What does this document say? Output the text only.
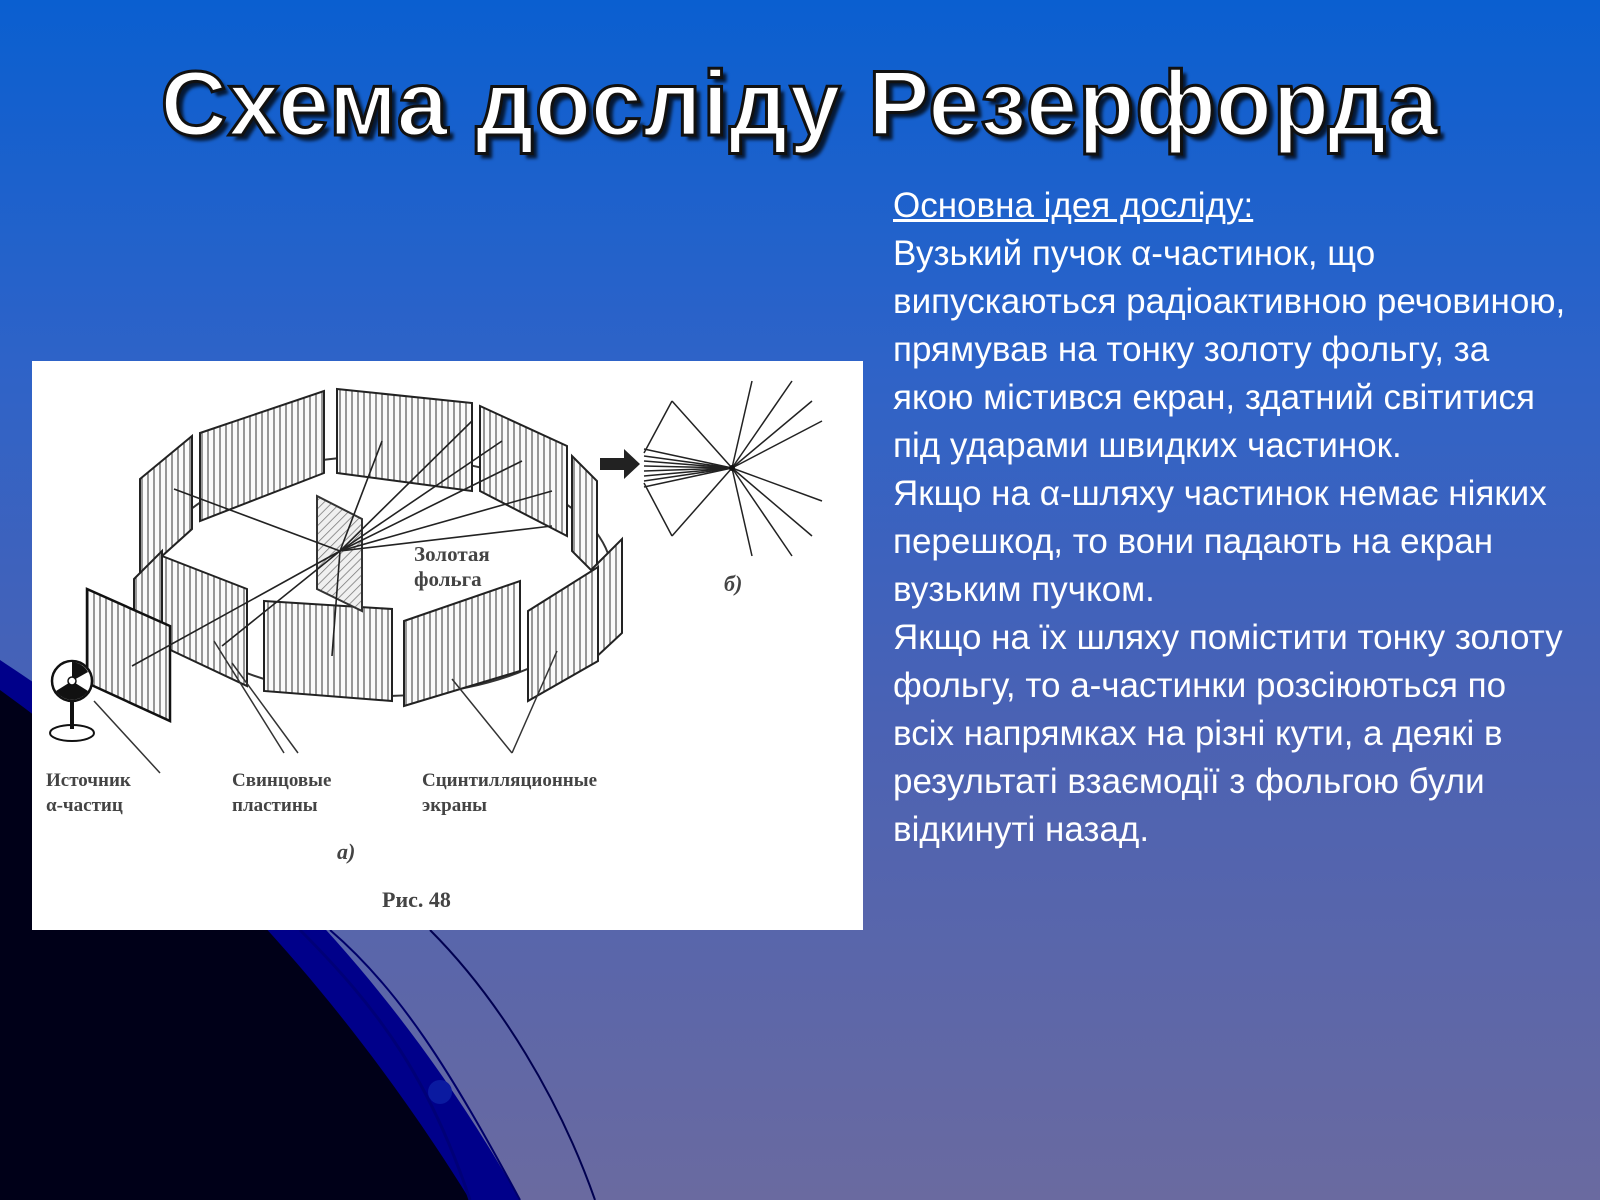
Схема досліду Резерфорда
Золотая
фольга
Источник
α-частиц
Свинцовые
пластины
Сцинтилляционные
экраны
а)
б)
Рис. 48

Основна ідея досліду:

Вузький пучок α-частинок, що випускаються радіоактивною речовиною, прямував на тонку золоту фольгу, за якою містився екран, здатний світитися під ударами швидких частинок.

Якщо на α-шляху частинок немає ніяких перешкод, то вони падають на екран вузьким пучком.

Якщо на їх шляху помістити тонку золоту фольгу, то а-частинки розсіюються по всіх напрямках на різні кути, а деякі в результаті взаємодії з фольгою були відкинуті назад.
